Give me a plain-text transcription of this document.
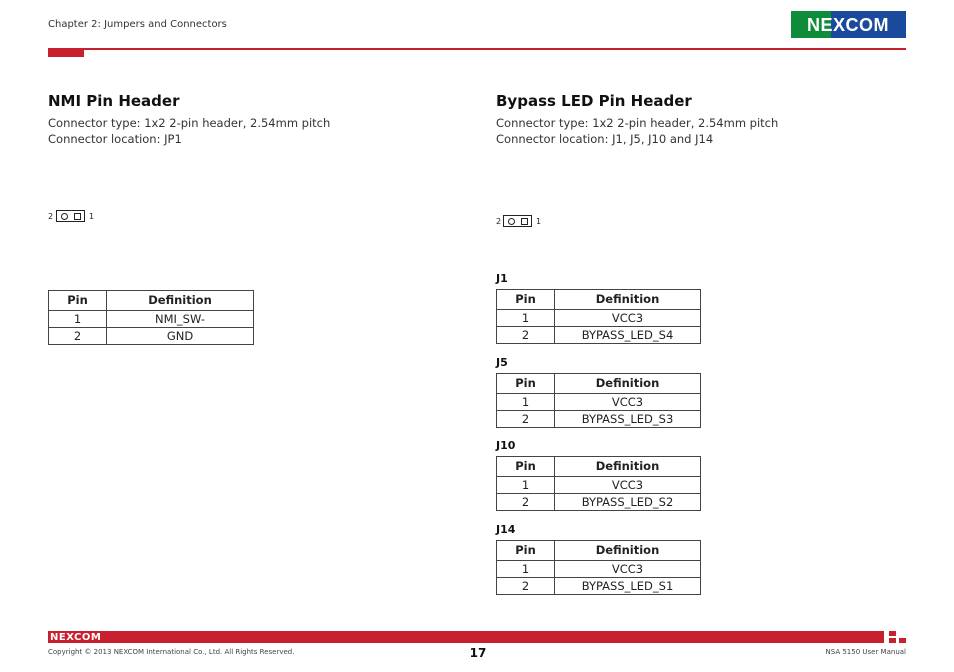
Chapter 2: Jumpers and Connectors	NEXCOM
NMI Pin Header
Connector type: 1x2 2-pin header, 2.54mm pitch
Connector location: JP1
2	1
Pin	Definition
1	NMI_SW-
2	GND
Bypass LED Pin Header
Connector type: 1x2 2-pin header, 2.54mm pitch
Connector location: J1, J5, J10 and J14
2	1
J1
Pin	Definition
1	VCC3
2	BYPASS_LED_S4
J5
Pin	Definition
1	VCC3
2	BYPASS_LED_S3
J10
Pin	Definition
1	VCC3
2	BYPASS_LED_S2
J14
Pin	Definition
1	VCC3
2	BYPASS_LED_S1
NEXCOM
Copyright © 2013 NEXCOM International Co., Ltd. All Rights Reserved.	17	NSA 5150 User Manual
